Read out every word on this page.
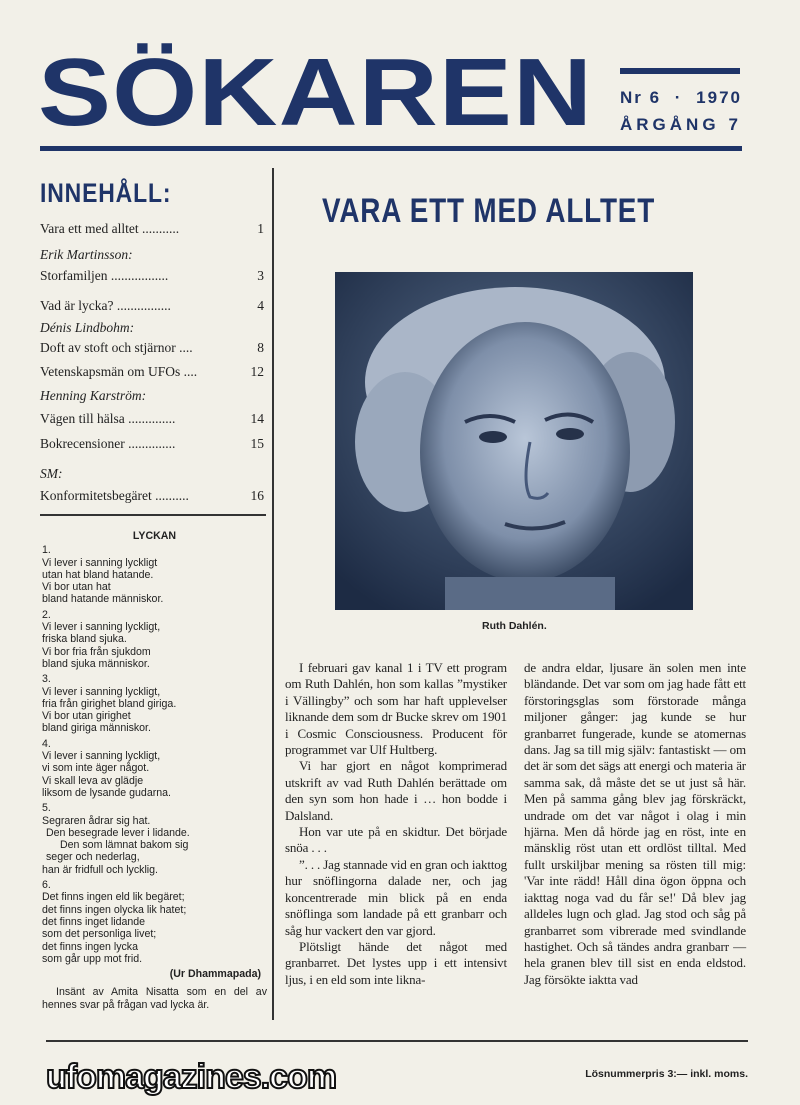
SÖKAREN Nr 6 · 1970
ÅRGÅNG 7
INNEHÅLL:
Vara ett med alltet ...........	1
Erik Martinsson:
Storfamiljen .................	3
Vad är lycka? ................	4
Dénis Lindbohm:
Doft av stoft och stjärnor ....	8
Vetenskapsmän om UFOs ....	12
Henning Karström:
Vägen till hälsa ..............	14
Bokrecensioner ..............	15
SM:
Konformitetsbegäret ..........	16
LYCKAN
1.
Vi lever i sanning lyckligt
utan hat bland hatande.
Vi bor utan hat
bland hatande människor.
2.
Vi lever i sanning lyckligt,
friska bland sjuka.
Vi bor fria från sjukdom
bland sjuka människor.
3.
Vi lever i sanning lyckligt,
fria från girighet bland giriga.
Vi bor utan girighet
bland giriga människor.
4.
Vi lever i sanning lyckligt,
vi som inte äger något.
Vi skall leva av glädje
liksom de lysande gudarna.
5.
Segraren ådrar sig hat.
Den besegrade lever i lidande.
Den som lämnat bakom sig
seger och nederlag,
han är fridfull och lycklig.
6.
Det finns ingen eld lik begäret;
det finns ingen olycka lik hatet;
det finns inget lidande
som det personliga livet;
det finns ingen lycka
som går upp mot frid.
(Ur Dhammapada)
Insänt av Amita Nisatta som en del av hennes svar på frågan vad lycka är.
VARA ETT MED ALLTET
Ruth Dahlén.

I februari gav kanal 1 i TV ett program om Ruth Dahlén, hon som kallas ”mystiker i Vällingby” och som har haft upplevelser liknande dem som dr Bucke skrev om 1901 i Cosmic Consciousness. Producent för programmet var Ulf Hultberg.

Vi har gjort en något komprimerad utskrift av vad Ruth Dahlén berättade om den syn som hon hade i … hon bodde i Dalsland.

Hon var ute på en skidtur. Det började snöa . . .

”. . . Jag stannade vid en gran och iakttog hur snöflingorna dalade ner, och jag koncentrerade min blick på en enda snöflinga som landade på ett granbarr och såg hur vackert den var gjord.

Plötsligt hände det något med granbarret. Det lystes upp i ett intensivt ljus, i en eld som inte likna-

de andra eldar, ljusare än solen men inte bländande. Det var som om jag hade fått ett förstoringsglas som förstorade många miljoner gånger: jag kunde se hur granbarret fungerade, kunde se atomernas dans. Jag sa till mig själv: fantastiskt — om det är som det sägs att energi och materia är samma sak, då måste det se ut just så här. Men på samma gång blev jag förskräckt, undrade om det var något i olag i min hjärna. Men då hörde jag en röst, inte en mänsklig röst utan ett ordlöst tilltal. Med fullt urskiljbar mening sa rösten till mig: 'Var inte rädd! Håll dina ögon öppna och iakttag noga vad du får se!' Då blev jag alldeles lugn och glad. Jag stod och såg på granbarret som vibrerade med svindlande hastighet. Och så tändes andra granbarr — hela granen blev till sist en enda eldstod. Jag försökte iaktta vad

ufomagazines.com	Lösnummerpris 3:— inkl. moms.
